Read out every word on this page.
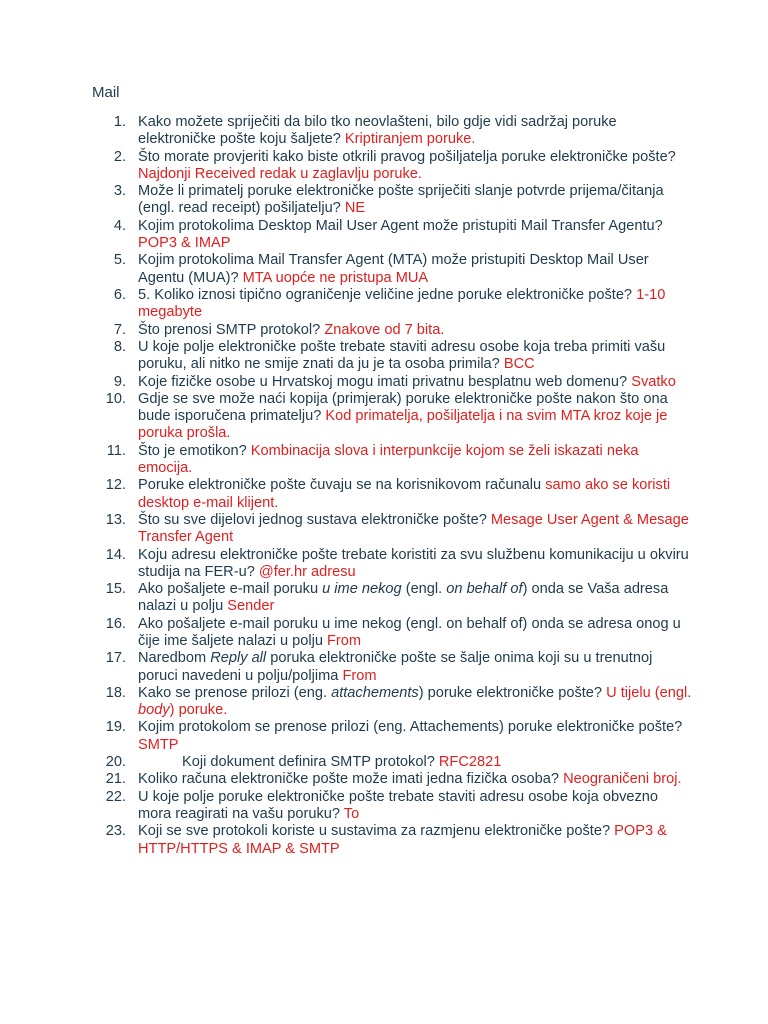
Mail
1. Kako možete spriječiti da bilo tko neovlašteni, bilo gdje vidi sadržaj poruke elektroničke pošte koju šaljete? Kriptiranjem poruke.
2. Što morate provjeriti kako biste otkrili pravog pošiljatelja poruke elektroničke pošte? Najdonji Received redak u zaglavlju poruke.
3. Može li primatelj poruke elektroničke pošte spriječiti slanje potvrde prijema/čitanja (engl. read receipt) pošiljatelju? NE
4. Kojim protokolima Desktop Mail User Agent može pristupiti Mail Transfer Agentu? POP3 & IMAP
5. Kojim protokolima Mail Transfer Agent (MTA) može pristupiti Desktop Mail User Agentu (MUA)? MTA uopće ne pristupa MUA
6. 5. Koliko iznosi tipično ograničenje veličine jedne poruke elektroničke pošte? 1-10 megabyte
7. Što prenosi SMTP protokol? Znakove od 7 bita.
8. U koje polje elektroničke pošte trebate staviti adresu osobe koja treba primiti vašu poruku, ali nitko ne smije znati da ju je ta osoba primila? BCC
9. Koje fizičke osobe u Hrvatskoj mogu imati privatnu besplatnu web domenu? Svatko
10. Gdje se sve može naći kopija (primjerak) poruke elektroničke pošte nakon što ona bude isporučena primatelju? Kod primatelja, pošiljatelja i na svim MTA kroz koje je poruka prošla.
11. Što je emotikon? Kombinacija slova i interpunkcije kojom se želi iskazati neka emocija.
12. Poruke elektroničke pošte čuvaju se na korisnikovom računalu samo ako se koristi desktop e-mail klijent.
13. Što su sve dijelovi jednog sustava elektroničke pošte? Mesage User Agent & Mesage Transfer Agent
14. Koju adresu elektroničke pošte trebate koristiti za svu službenu komunikaciju u okviru studija na FER-u? @fer.hr adresu
15. Ako pošaljete e-mail poruku u ime nekog (engl. on behalf of) onda se Vaša adresa nalazi u polju Sender
16. Ako pošaljete e-mail poruku u ime nekog (engl. on behalf of) onda se adresa onog u čije ime šaljete nalazi u polju From
17. Naredbom Reply all poruka elektroničke pošte se šalje onima koji su u trenutnoj poruci navedeni u polju/poljima From
18. Kako se prenose prilozi (eng. attachements) poruke elektroničke pošte? U tijelu (engl. body) poruke.
19. Kojim protokolom se prenose prilozi (eng. Attachements) poruke elektroničke pošte? SMTP
20.	Koji dokument definira SMTP protokol? RFC2821
21. Koliko računa elektroničke pošte može imati jedna fizička osoba? Neograničeni broj.
22. U koje polje poruke elektroničke pošte trebate staviti adresu osobe koja obvezno mora reagirati na vašu poruku? To
23. Koji se sve protokoli koriste u sustavima za razmjenu elektroničke pošte? POP3 & HTTP/HTTPS & IMAP & SMTP
